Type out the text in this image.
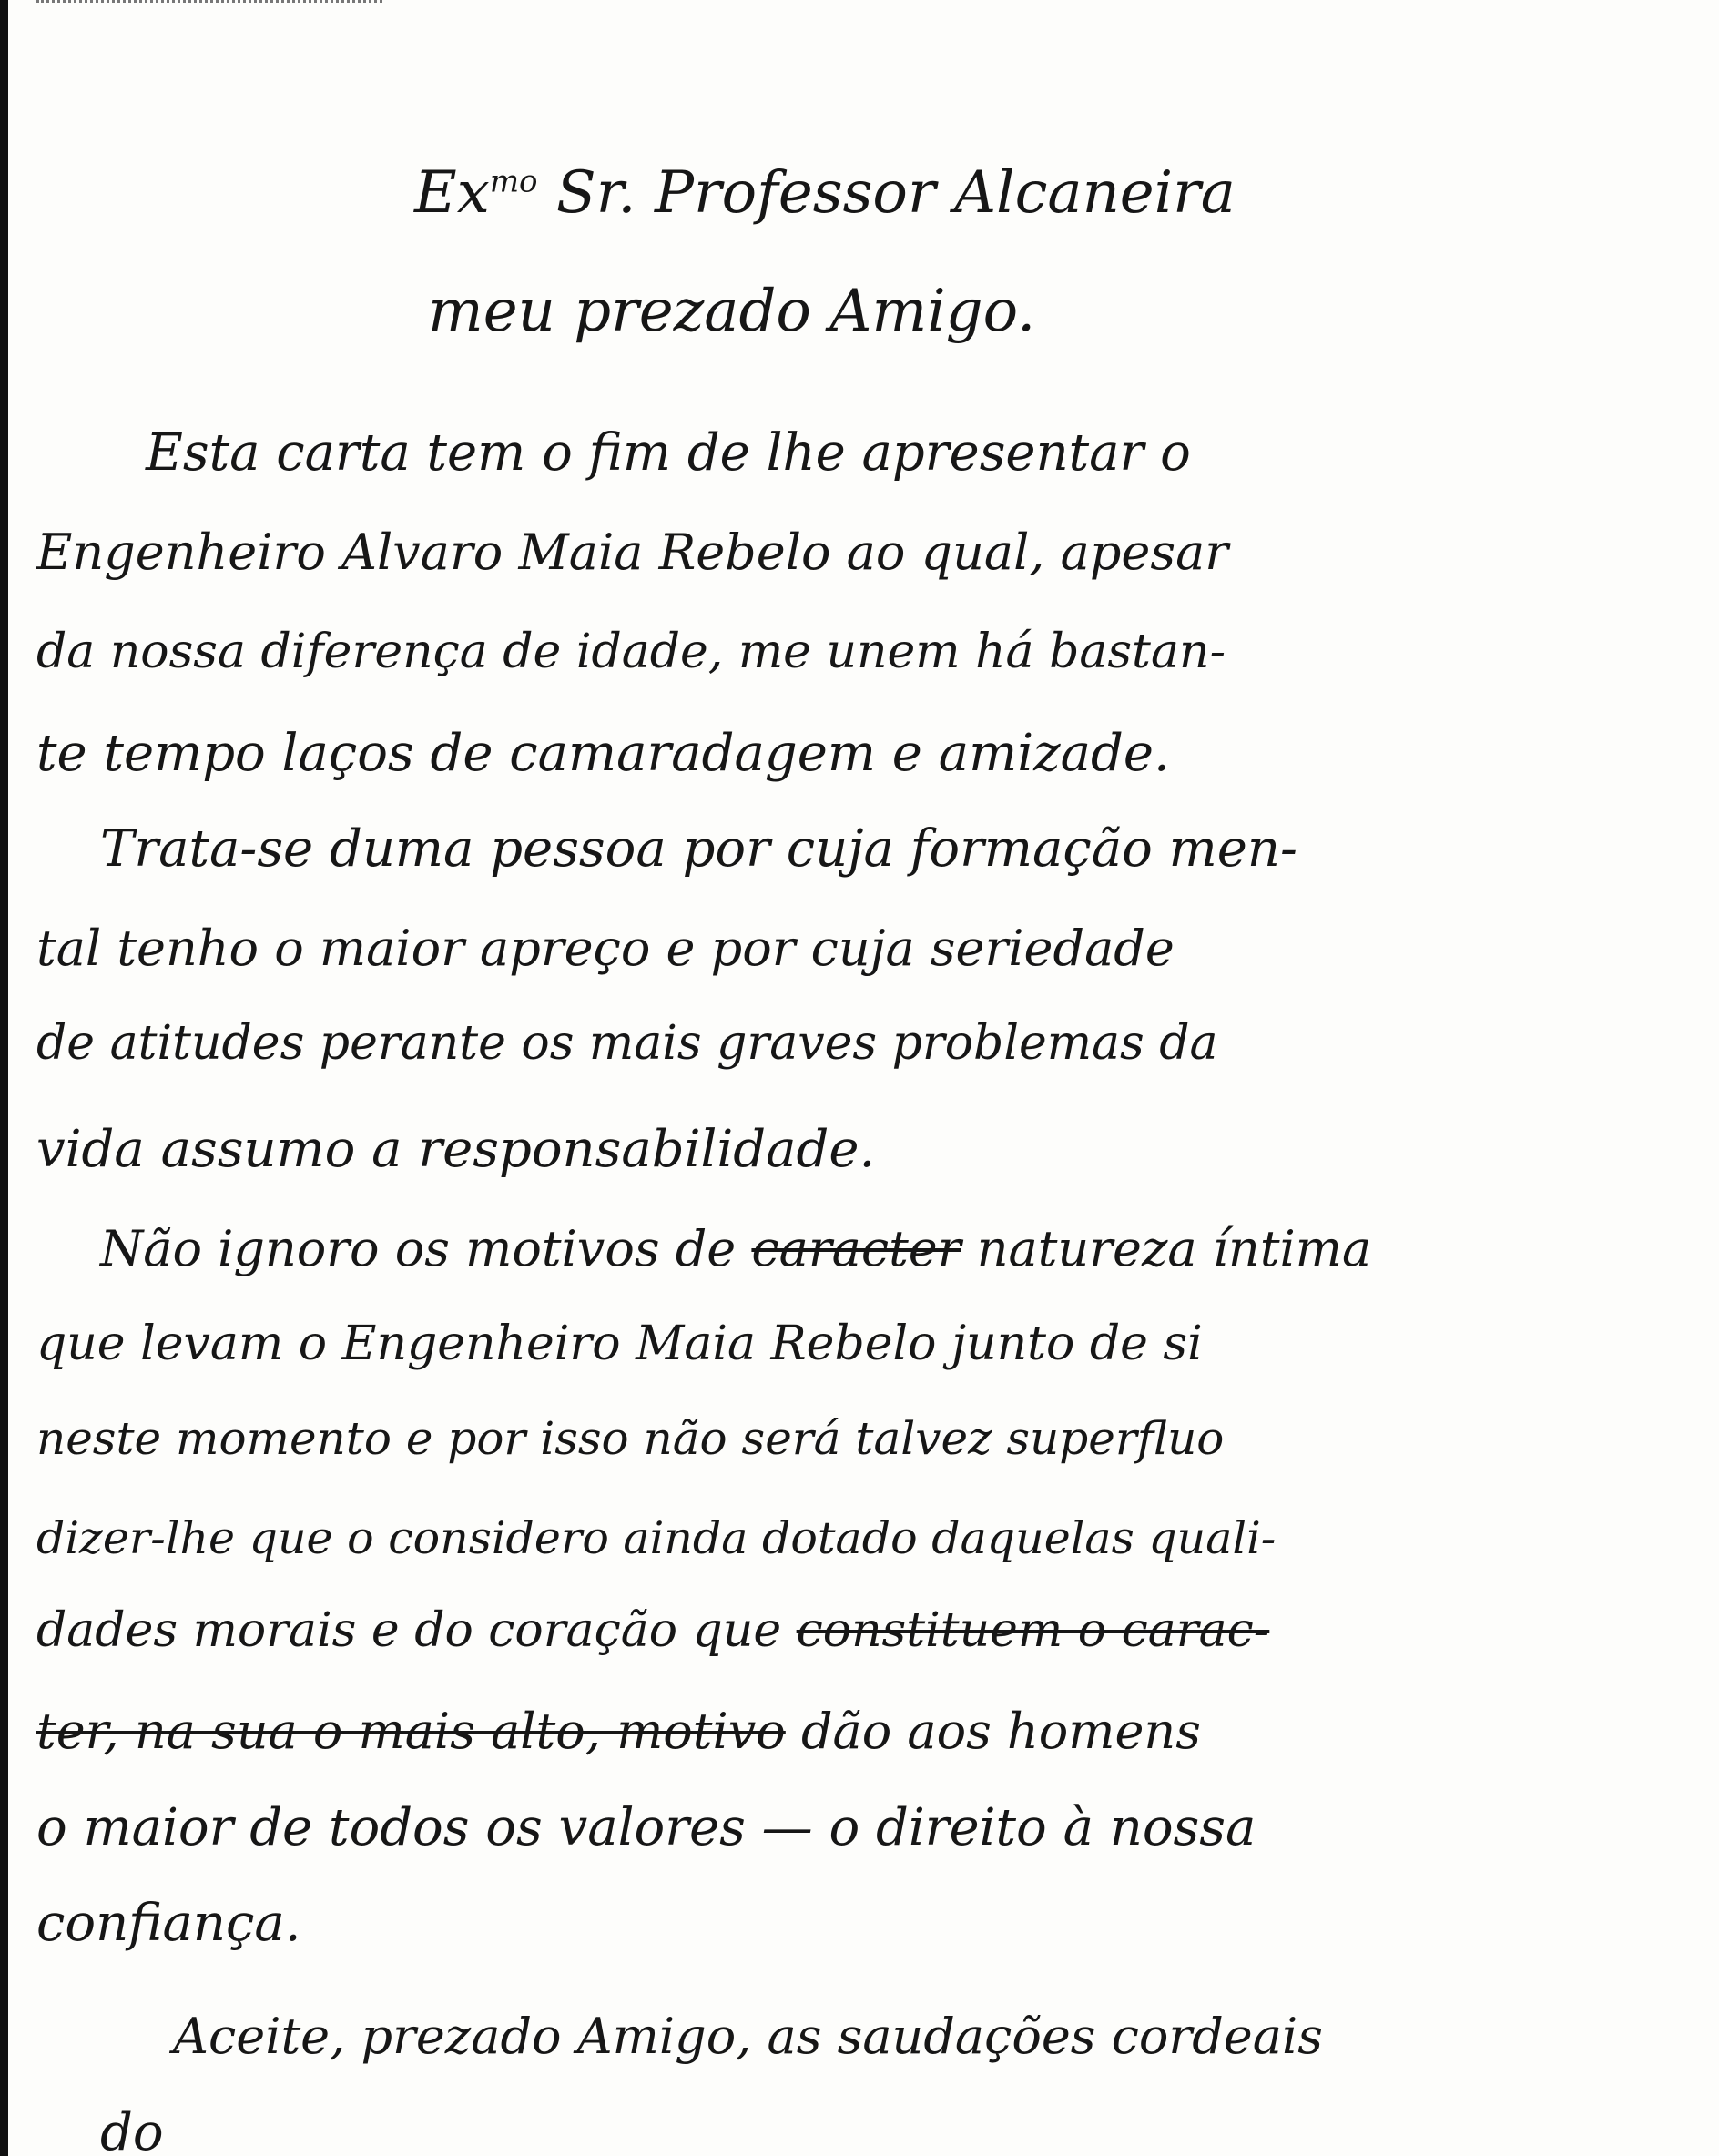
$Ex^{mo}$ Sr. Professor Alcaneira
meu prezado Amigo.
Esta carta tem o fim de lhe apresentar o
Engenheiro Alvaro Maia Rebelo ao qual, apesar
da nossa diferença de idade, me unem há bastan-
te tempo laços de camaradagem e amizade.
Trata-se duma pessoa por cuja formação men-
tal tenho o maior apreço e por cuja seriedade
de atitudes perante os mais graves problemas da
vida assumo a responsabilidade.
Não ignoro os motivos de caracter natureza íntima
que levam o Engenheiro Maia Rebelo junto de si
neste momento e por isso não será talvez superfluo
dizer-lhe que o considero ainda dotado daquelas quali-
dades morais e do coração que constituem o carac-
ter, na sua o mais alto, motivo dão aos homens
o maior de todos os valores — o direito à nossa
confiança.
Aceite, prezado Amigo, as saudações cordeais
do
